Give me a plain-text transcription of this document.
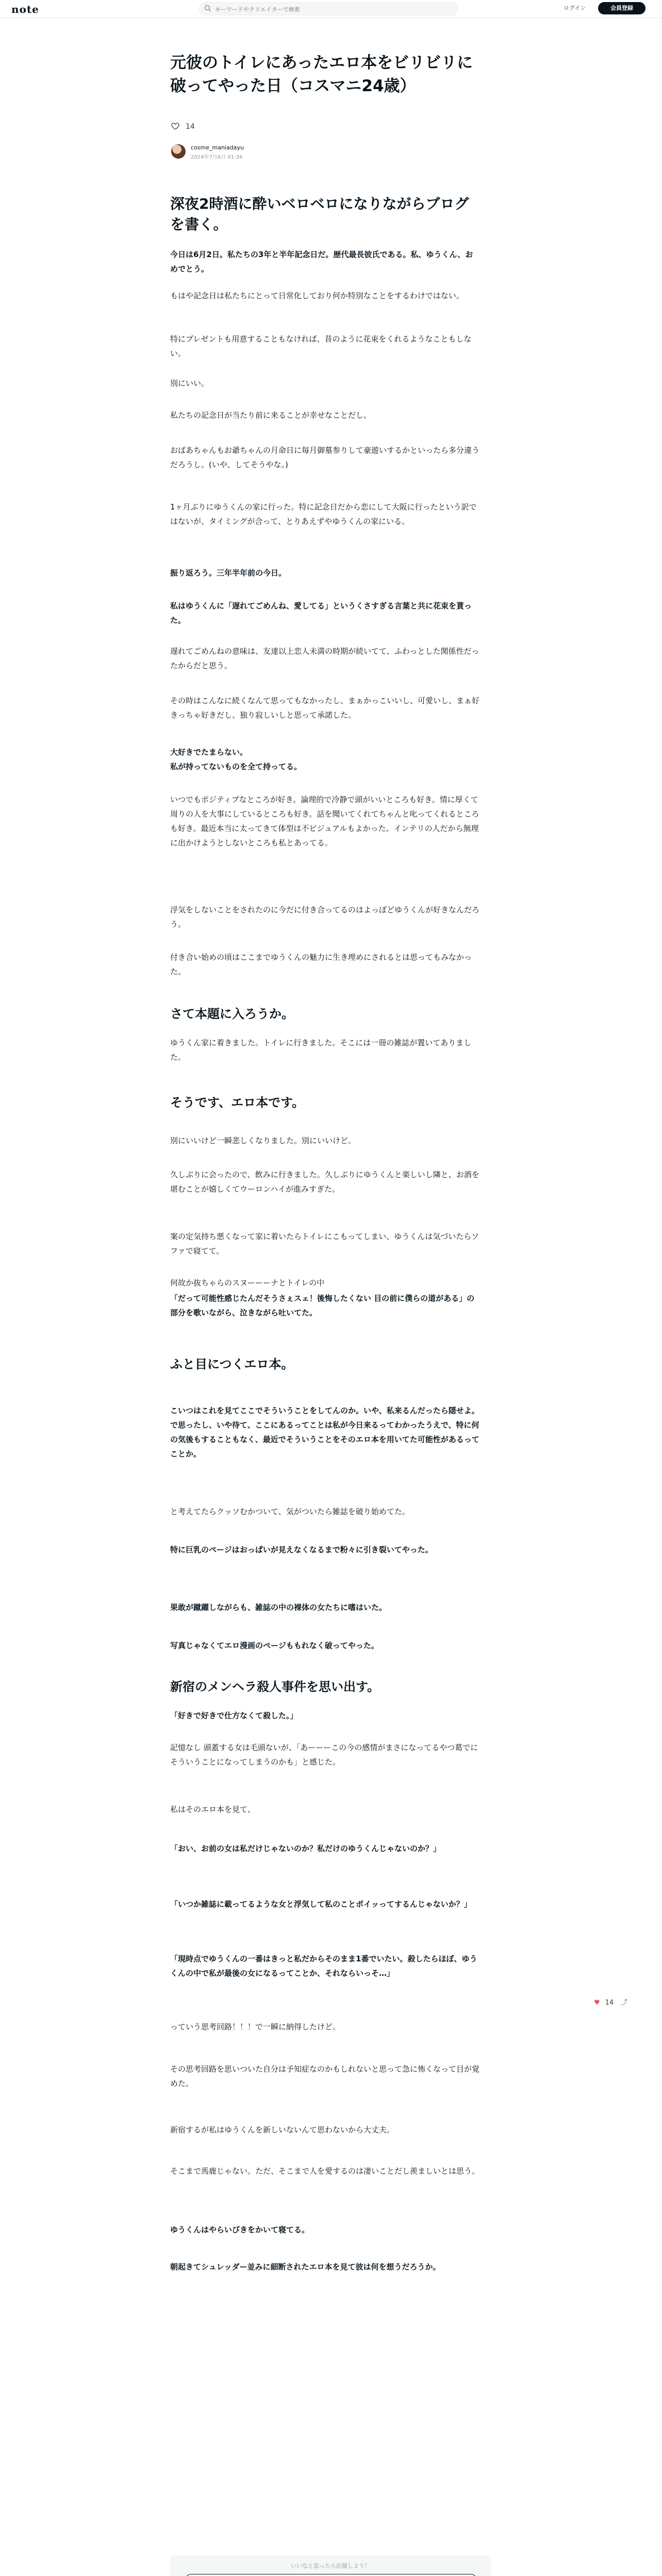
note
キーワードやクリエイターで検索	ログイン	会員登録
元彼のトイレにあったエロ本をビリビリに破ってやった日（コスマニ24歳）
14
cosme_maniadayu
2024年7月6日 01:34

深夜2時酒に酔いベロベロになりながらブログを書く。

今日は6月2日。私たちの3年と半年記念日だ。歴代最長彼氏である。私、ゆうくん、おめでとう。

もはや記念日は私たちにとって日常化しており何か特別なことをするわけではない。

特にプレゼントも用意することもなければ、昔のように花束をくれるようなこともしない。

別にいい。

私たちの記念日が当たり前に来ることが幸せなことだし。

おばあちゃんもお爺ちゃんの月命日に毎月御墓参りして豪遊いするかといったら多分違うだろうし。(いや、してそうやな。)

1ヶ月ぶりにゆうくんの家に行った。特に記念日だから恋にして大阪に行ったという訳ではないが、タイミングが合って、とりあえずやゆうくんの家にいる。

振り返ろう。三年半年前の今日。

私はゆうくんに「遅れてごめんね、愛してる」というくさすぎる言葉と共に花束を貰った。

遅れてごめんねの意味は、友達以上恋人未満の時期が続いてて、ふわっとした関係性だったからだと思う。

その時はこんなに続くなんて思ってもなかったし、まぁかっこいいし、可愛いし、まぁ好きっちゃ好きだし、独り寂しいしと思って承諾した。

大好きでたまらない。

私が持ってないものを全て持ってる。

いつでもポジティブなところが好き。論理的で冷静で頭がいいところも好き。情に厚くて周りの人を大事にしているところも好き。話を聞いてくれてちゃんと叱ってくれるところも好き。最近本当に太ってきて体型は不ビジュアルもよかった。インテリの人だから無理に出かけようとしないところも私とあってる。

浮気をしないことをされたのに今だに付き合ってるのはよっぽどゆうくんが好きなんだろう。

付き合い始めの頃はここまでゆうくんの魅力に生き埋めにされるとは思ってもみなかった。

さて本題に入ろうか。

ゆうくん家に着きました。トイレに行きました。そこには一冊の雑誌が置いてありました。

そうです、エロ本です。

別にいいけど一瞬悲しくなりました。別にいいけど。

久しぶりに会ったので、飲みに行きました。久しぶりにゆうくんと楽しいし隣と、お酒を堪むことが嬉しくてウーロンハイが進みすぎた。

案の定気持ち悪くなって家に着いたらトイレにこもってしまい、ゆうくんは気づいたらソファで寝てて。

何故か抜ちゃらのスヌーーーナとトイレの中

「だって可能性感じたんだそうさぇスェ！後悔したくない 目の前に僕らの道がある」の部分を歌いながら、泣きながら吐いてた。

ふと目につくエロ本。

こいつはこれを見てここでそういうことをしてんのか。いや、私来るんだったら隠せよ。で思ったし、いや待て、ここにあるってことは私が今日来るってわかったうえで、特に何の気後もすることもなく、最近でそういうことをそのエロ本を用いてた可能性があるってことか。

と考えてたらクッソむかついて、気がついたら雑誌を破り始めてた。

特に巨乳のページはおっぱいが見えなくなるまで粉々に引き裂いてやった。

果敢が蹴躍しながらも、雑誌の中の裸体の女たちに嗜はいた。

写真じゃなくてエロ漫画のページももれなく破ってやった。

新宿のメンヘラ殺人事件を思い出す。

「好きで好きで仕方なくて殺した。」

記憶なし 頭蓋する女は毛頭ないが、「あーーーこの今の感情がまさになってるやつ葛でにそういうことになってしまうのかも」と感じた。

私はそのエロ本を見て、

「おい、お前の女は私だけじゃないのか？私だけのゆうくんじゃないのか？」

「いつか雑誌に載ってるような女と浮気して私のことポイッってするんじゃないか？」

「現時点でゆうくんの一番はきっと私だからそのまま1番でいたい。殺したらほぼ、ゆうくんの中で私が最後の女になるってことか、それならいっそ…」

っていう思考回路！！！で一瞬に納得したけど。

その思考回路を思いついた自分は予知症なのかもしれないと思って急に怖くなって目が覚めた。

新宿するが私はゆうくんを新しいないんて思わないから大丈夫。

そこまで馬鹿じゃない。ただ、そこまで人を愛するのは凄いことだし羨ましいとは思う。

ゆうくんはやらいびきをかいて寝てる。

朝起きてシュレッダー並みに細断されたエロ本を見て彼は何を想うだろうか。

♥ 14 ⤴
いいなと思ったら応援しよう！
